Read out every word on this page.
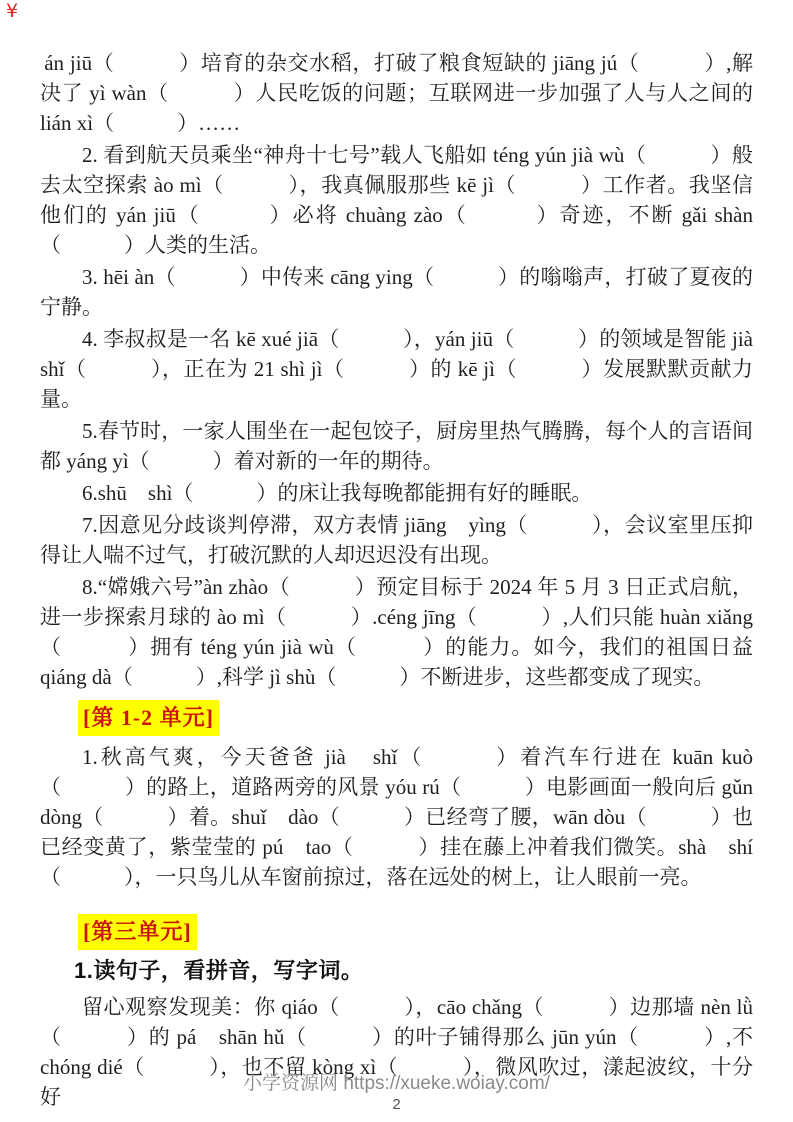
¥

án jiū（　　　）培育的杂交水稻，打破了粮食短缺的 jiāng jú（　　　）,解决了 yì wàn（　　　）人民吃饭的问题；互联网进一步加强了人与人之间的 lián xì（　　　）……

2. 看到航天员乘坐“神舟十七号”载人飞船如 téng yún jià wù（　　　）般去太空探索 ào mì（　　　），我真佩服那些 kē jì（　　　）工作者。我坚信他们的 yán jiū（　　　）必将 chuàng zào（　　　）奇迹，不断 gǎi shàn（　　　）人类的生活。

3. hēi àn（　　　）中传来 cāng ying（　　　）的嗡嗡声，打破了夏夜的宁静。

4. 李叔叔是一名 kē xué jiā（　　　），yán jiū（　　　）的领域是智能 jià shǐ（　　　），正在为 21 shì jì（　　　）的 kē jì（　　　）发展默默贡献力量。

5.春节时，一家人围坐在一起包饺子，厨房里热气腾腾，每个人的言语间都 yáng yì（　　　）着对新的一年的期待。

6.shū　shì（　　　）的床让我每晚都能拥有好的睡眠。

7.因意见分歧谈判停滞，双方表情 jiāng　yìng（　　　），会议室里压抑得让人喘不过气，打破沉默的人却迟迟没有出现。

8.“嫦娥六号”àn zhào（　　　）预定目标于 2024 年 5 月 3 日正式启航，进一步探索月球的 ào mì（　　　）.céng jīng（　　　）,人们只能 huàn xiǎng（　　　）拥有 téng yún jià wù（　　　）的能力。如今，我们的祖国日益 qiáng dà（　　　）,科学 jì shù（　　　）不断进步，这些都变成了现实。

[第 1-2 单元]

1.秋高气爽，今天爸爸 jià　shǐ（　　　）着汽车行进在 kuān kuò（　　　）的路上，道路两旁的风景 yóu rú（　　　）电影画面一般向后 gǔn dòng（　　　）着。shuǐ　dào（　　　）已经弯了腰，wān dòu（　　　）也已经变黄了，紫莹莹的 pú　tao（　　　）挂在藤上冲着我们微笑。shà　shí（　　　），一只鸟儿从车窗前掠过，落在远处的树上，让人眼前一亮。

[第三单元]
1.读句子，看拼音，写字词。

留心观察发现美：你 qiáo（　　　），cāo chǎng（　　　）边那墙 nèn lǜ（　　　）的 pá　shān hǔ（　　　）的叶子铺得那么 jūn yún（　　　）,不 chóng dié（　　　），也不留 kòng xì（　　　），微风吹过，漾起波纹，十分好

小学资源网 https://xueke.woiay.com/
2
